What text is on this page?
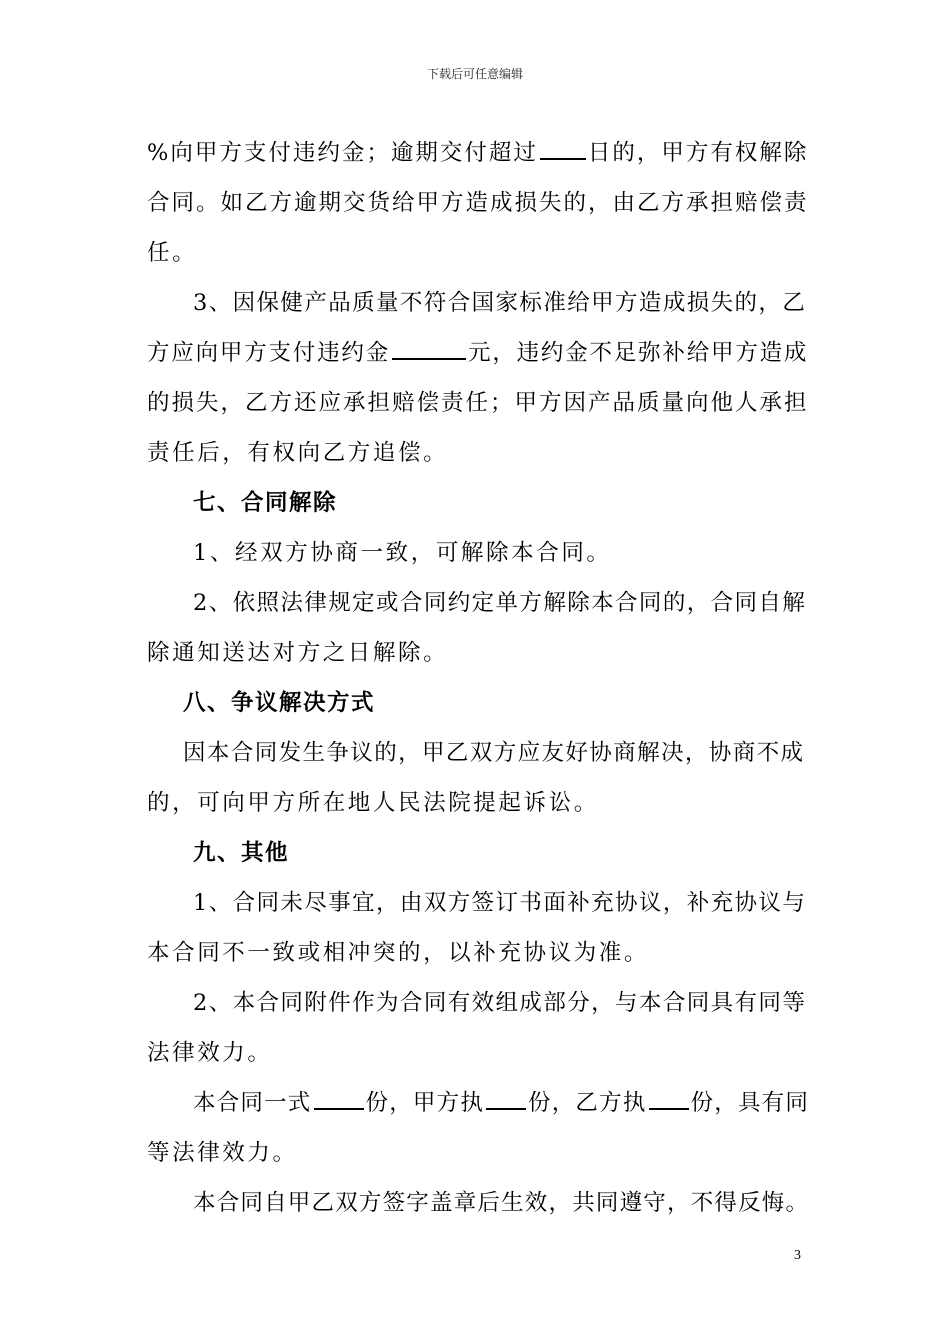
下载后可任意编辑
%向甲方支付违约金；逾期交付超过 日的，甲方有权解除
合同。如乙方逾期交货给甲方造成损失的，由乙方承担赔偿责
任。
3、因保健产品质量不符合国家标准给甲方造成损失的，乙
方应向甲方支付违约金	元，违约金不足弥补给甲方造成
的损失，乙方还应承担赔偿责任；甲方因产品质量向他人承担
责任后，有权向乙方追偿。
七、合同解除
1、经双方协商一致，可解除本合同。
2、依照法律规定或合同约定单方解除本合同的，合同自解
除通知送达对方之日解除。
八、争议解决方式
因本合同发生争议的，甲乙双方应友好协商解决，协商不成
的，可向甲方所在地人民法院提起诉讼。
九、其他
1、合同未尽事宜，由双方签订书面补充协议，补充协议与
本合同不一致或相冲突的，以补充协议为准。
2、本合同附件作为合同有效组成部分，与本合同具有同等
法律效力。
本合同一式 份，甲方执 份，乙方执 份，具有同
等法律效力。
本合同自甲乙双方签字盖章后生效，共同遵守，不得反悔。
3
